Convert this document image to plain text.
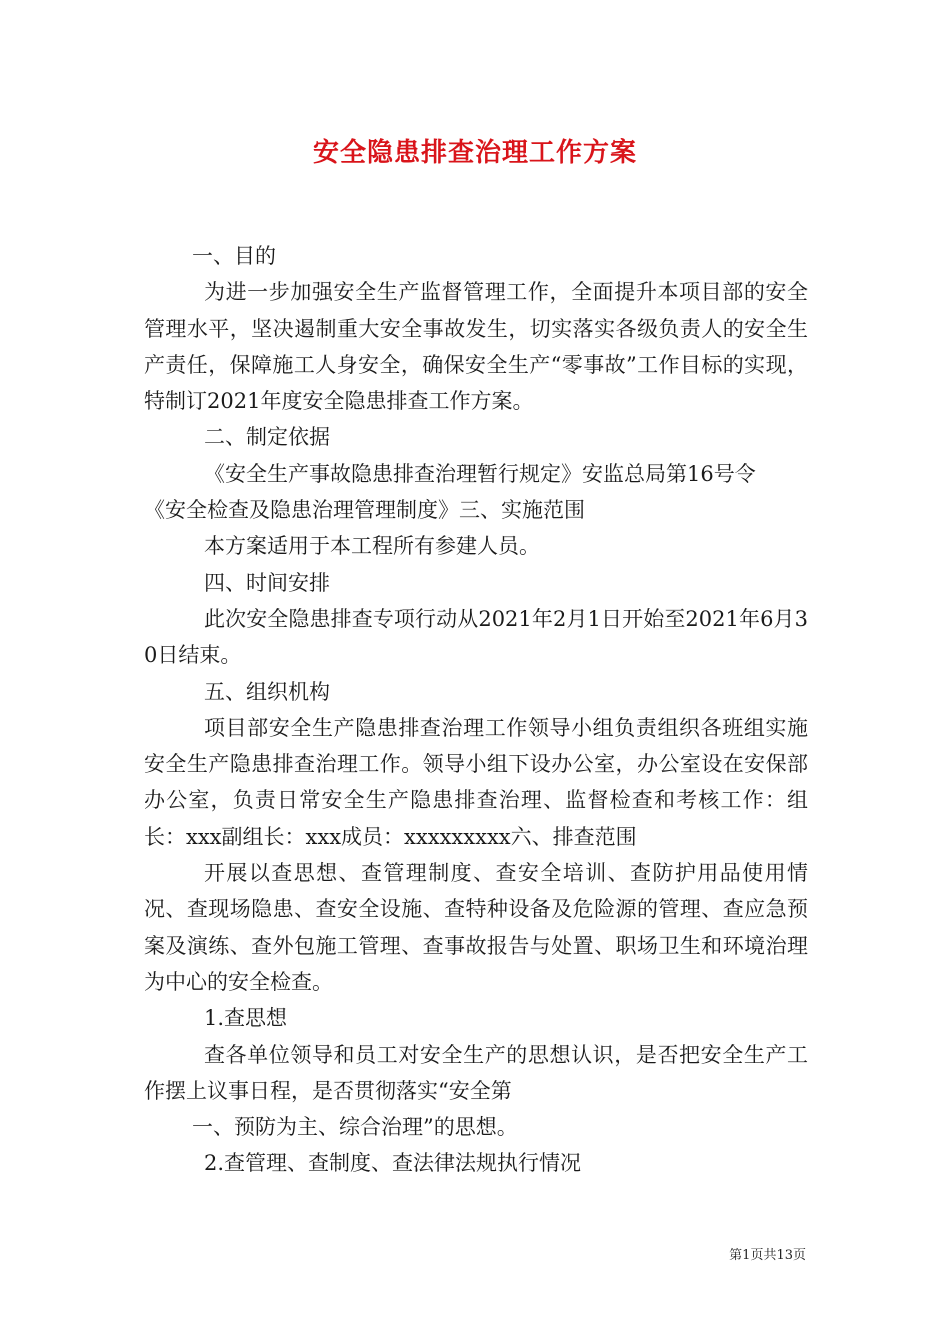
安全隐患排查治理工作方案

一、目的

为进一步加强安全生产监督管理工作，全面提升本项目部的安全管理水平，坚决遏制重大安全事故发生，切实落实各级负责人的安全生产责任，保障施工人身安全，确保安全生产“零事故”工作目标的实现，特制订2021年度安全隐患排查工作方案。

二、制定依据

《安全生产事故隐患排查治理暂行规定》安监总局第16号令

《安全检查及隐患治理管理制度》三、实施范围

本方案适用于本工程所有参建人员。

四、时间安排

此次安全隐患排查专项行动从2021年2月1日开始至2021年6月30日结束。

五、组织机构

项目部安全生产隐患排查治理工作领导小组负责组织各班组实施安全生产隐患排查治理工作。领导小组下设办公室，办公室设在安保部办公室，负责日常安全生产隐患排查治理、监督检查和考核工作：组长：xxx副组长：xxx成员：xxxxxxxxx六、排查范围

开展以查思想、查管理制度、查安全培训、查防护用品使用情况、查现场隐患、查安全设施、查特种设备及危险源的管理、查应急预案及演练、查外包施工管理、查事故报告与处置、职场卫生和环境治理为中心的安全检查。

1.查思想

查各单位领导和员工对安全生产的思想认识，是否把安全生产工作摆上议事日程，是否贯彻落实“安全第

一、预防为主、综合治理”的思想。

2.查管理、查制度、查法律法规执行情况

第1页共13页
